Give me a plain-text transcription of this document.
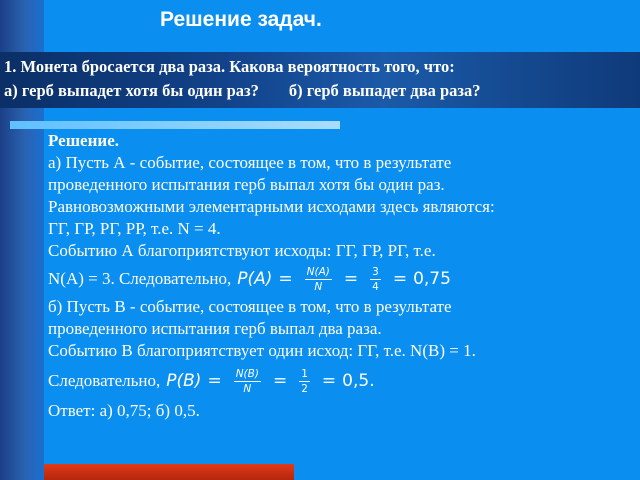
Решение задач.
1. Монета бросается два раза. Какова вероятность того, что:
а) герб выпадет хотя бы один раз? б) герб выпадет два раза?
Решение.
а) Пусть А - событие, состоящее в том, что в результате
проведенного испытания герб выпал хотя бы один раз.
Равновозможными элементарными исходами здесь являются:
ГГ, ГР, РГ, РР, т.е. N = 4.
Событию А благоприятствуют исходы: ГГ, ГР, РГ, т.е.
N(A) = 3. Следовательно, $P(A) = \frac{N(A)}{N} = \frac{3}{4} = 0,75$
б) Пусть В - событие, состоящее в том, что в результате
проведенного испытания герб выпал два раза.
Событию В благоприятствует один исход: ГГ, т.е. N(B) = 1.
Следовательно, $P(B) = \frac{N(B)}{N} = \frac{1}{2} = 0,5$.
Ответ: а) 0,75; б) 0,5.
